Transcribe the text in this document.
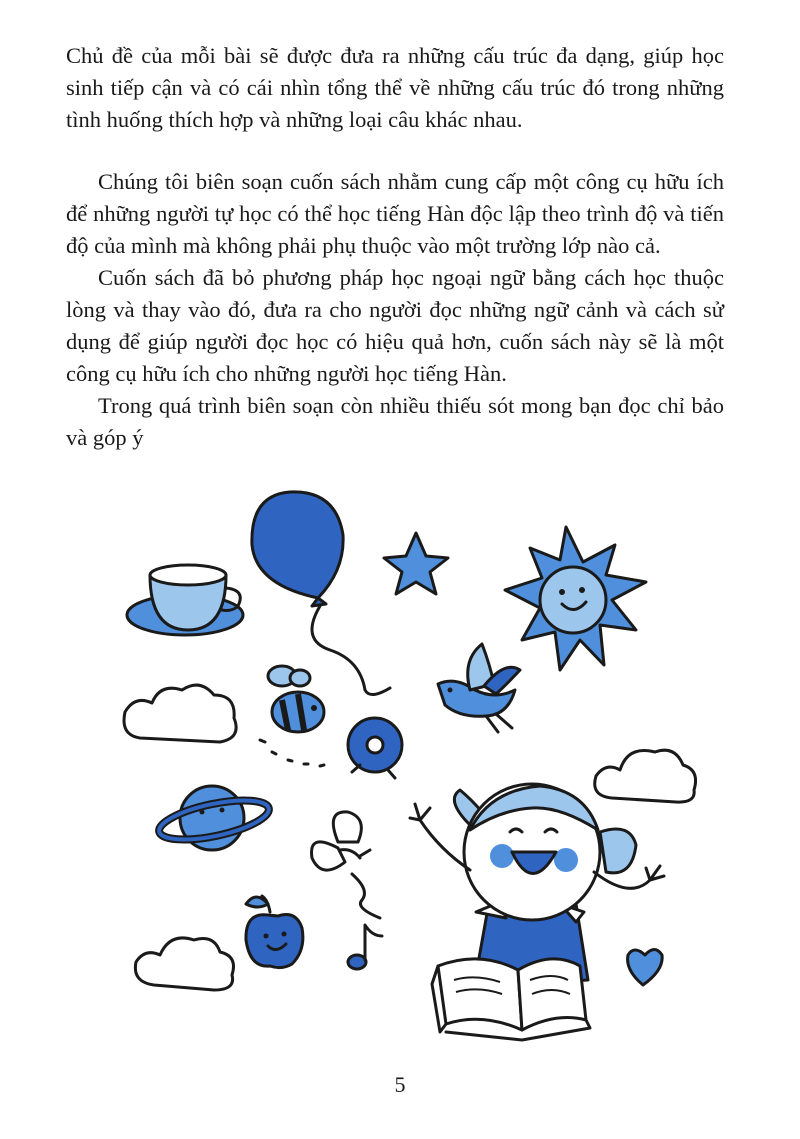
Chủ đề của mỗi bài sẽ được đưa ra những cấu trúc đa dạng, giúp học sinh tiếp cận và có cái nhìn tổng thể về những cấu trúc đó trong những tình huống thích hợp và những loại câu khác nhau.

Chúng tôi biên soạn cuốn sách nhằm cung cấp một công cụ hữu ích để những người tự học có thể học tiếng Hàn độc lập theo trình độ và tiến độ của mình mà không phải phụ thuộc vào một trường lớp nào cả.

Cuốn sách đã bỏ phương pháp học ngoại ngữ bằng cách học thuộc lòng và thay vào đó, đưa ra cho người đọc những ngữ cảnh và cách sử dụng để giúp người đọc học có hiệu quả hơn, cuốn sách này sẽ là một công cụ hữu ích cho những người học tiếng Hàn.

Trong quá trình biên soạn còn nhiều thiếu sót mong bạn đọc chỉ bảo và góp ý

5
